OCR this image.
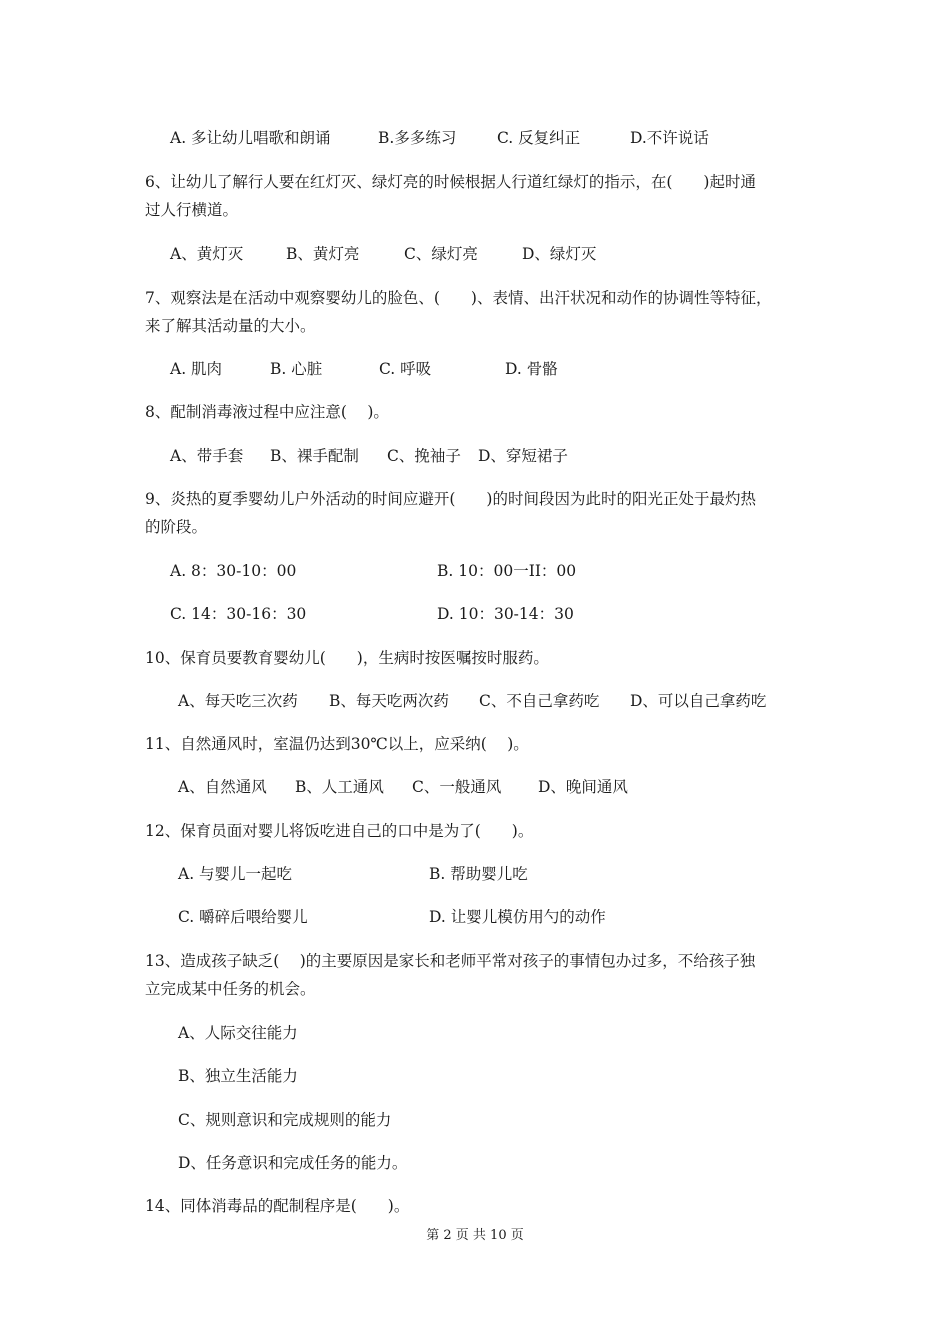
A. 多让幼儿唱歌和朗诵	B.多多练习	C. 反复纠正	D.不许说话
6、让幼儿了解行人要在红灯灭、绿灯亮的时候根据人行道红绿灯的指示，在(　　)起时通
过人行横道。
A、黄灯灭	B、黄灯亮	C、绿灯亮	D、绿灯灭
7、观察法是在活动中观察婴幼儿的脸色、(　　)、表情、出汗状况和动作的协调性等特征，
来了解其活动量的大小。
A. 肌肉	B. 心脏	C. 呼吸	D. 骨骼
8、配制消毒液过程中应注意(　 )。
A、带手套 B、裸手配制 C、挽袖子 D、穿短裙子
9、炎热的夏季婴幼儿户外活动的时间应避开(　　)的时间段因为此时的阳光正处于最灼热
的阶段。
A. 8：30-10：00	B. 10：00一II：00
C. 14：30-16：30	D. 10：30-14：30
10、保育员要教育婴幼儿(　　)，生病时按医嘱按时服药。
A、每天吃三次药 B、每天吃两次药 C、不自己拿药吃 D、可以自己拿药吃
11、自然通风时，室温仍达到30℃以上，应采纳(　 )。
A、自然通风 B、人工通风 C、一般通风 D、晚间通风
12、保育员面对婴儿将饭吃进自己的口中是为了(　　)。
A. 与婴儿一起吃	B. 帮助婴儿吃
C. 嚼碎后喂给婴儿	D. 让婴儿模仿用勺的动作
13、造成孩子缺乏(　 )的主要原因是家长和老师平常对孩子的事情包办过多，不给孩子独
立完成某中任务的机会。
A、人际交往能力
B、独立生活能力
C、规则意识和完成规则的能力
D、任务意识和完成任务的能力。
14、同体消毒品的配制程序是(　　)。
第 2 页 共 10 页
